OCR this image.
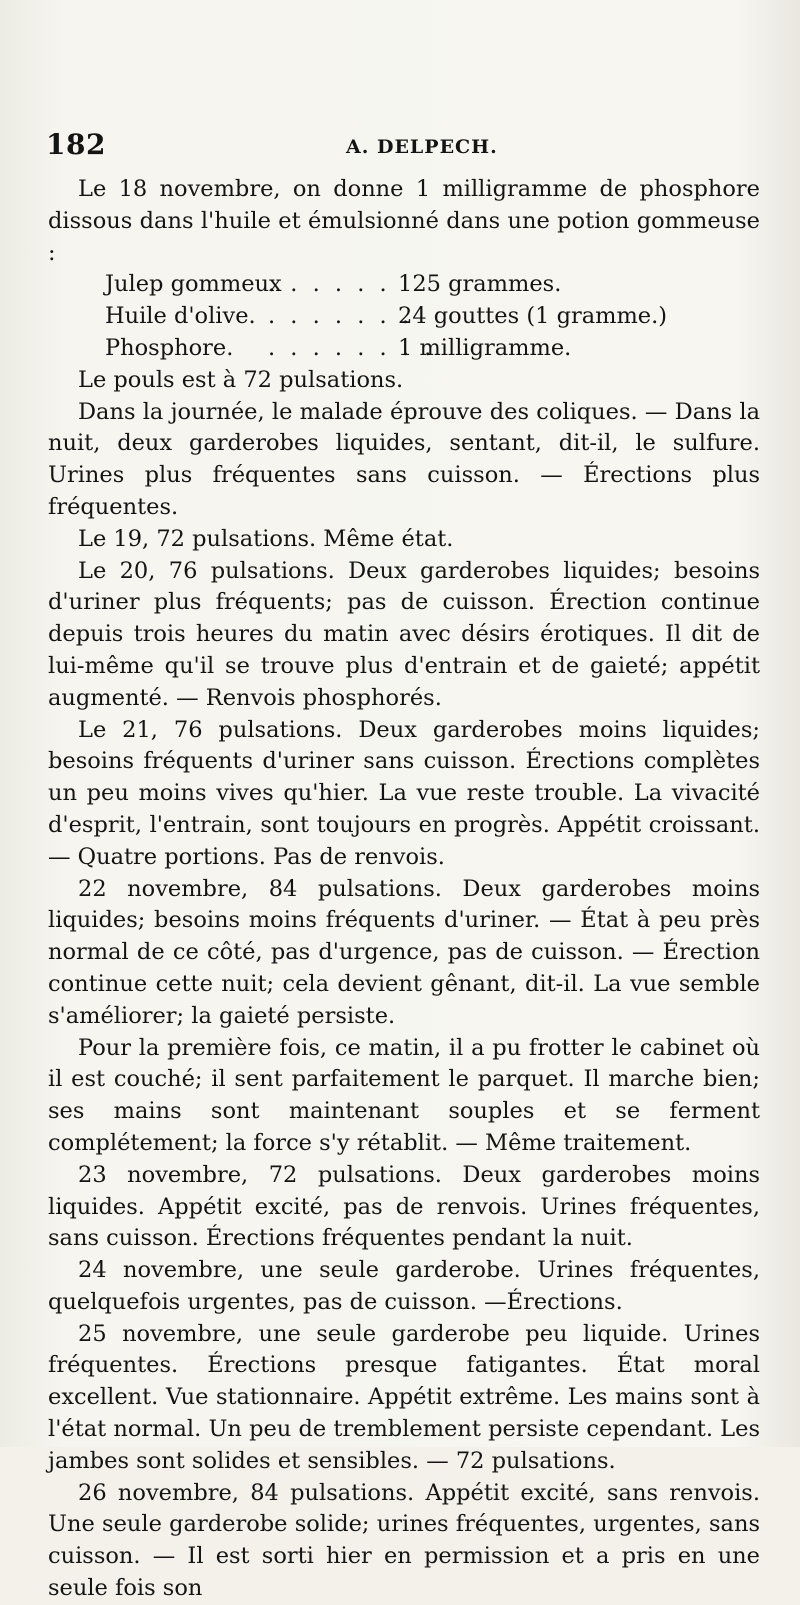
182	A. DELPECH.

Le 18 novembre, on donne 1 milligramme de phosphore dissous dans l'huile et émulsionné dans une potion gommeuse :

Julep gommeux
. . . . . . 125 grammes.
Huile d'olive. . . . . . . .
24 gouttes (1 gramme.)
Phosphore.	. . . . . . . .
1 milligramme.

Le pouls est à 72 pulsations.

Dans la journée, le malade éprouve des coliques. — Dans la nuit, deux garderobes liquides, sentant, dit-il, le sulfure. Urines plus fréquentes sans cuisson. — Érections plus fréquentes.

Le 19, 72 pulsations. Même état.

Le 20, 76 pulsations. Deux garderobes liquides; besoins d'uriner plus fréquents; pas de cuisson. Érection continue depuis trois heures du matin avec désirs érotiques. Il dit de lui-même qu'il se trouve plus d'entrain et de gaieté; appétit augmenté. — Renvois phosphorés.

Le 21, 76 pulsations. Deux garderobes moins liquides; besoins fréquents d'uriner sans cuisson. Érections complètes un peu moins vives qu'hier. La vue reste trouble. La vivacité d'esprit, l'entrain, sont toujours en progrès. Appétit croissant. — Quatre portions. Pas de renvois.

22 novembre, 84 pulsations. Deux garderobes moins liquides; besoins moins fréquents d'uriner. — État à peu près normal de ce côté, pas d'urgence, pas de cuisson. — Érection continue cette nuit; cela devient gênant, dit-il. La vue semble s'améliorer; la gaieté persiste.

Pour la première fois, ce matin, il a pu frotter le cabinet où il est couché; il sent parfaitement le parquet. Il marche bien; ses mains sont maintenant souples et se ferment complétement; la force s'y rétablit. — Même traitement.

23 novembre, 72 pulsations. Deux garderobes moins liquides. Appétit excité, pas de renvois. Urines fréquentes, sans cuisson. Érections fréquentes pendant la nuit.

24 novembre, une seule garderobe. Urines fréquentes, quelquefois urgentes, pas de cuisson. —Érections.

25 novembre, une seule garderobe peu liquide. Urines fréquentes. Érections presque fatigantes. État moral excellent. Vue stationnaire. Appétit extrême. Les mains sont à l'état normal. Un peu de tremblement persiste cependant. Les jambes sont solides et sensibles. — 72 pulsations.

26 novembre, 84 pulsations. Appétit excité, sans renvois. Une seule garderobe solide; urines fréquentes, urgentes, sans cuisson. — Il est sorti hier en permission et a pris en une seule fois son
